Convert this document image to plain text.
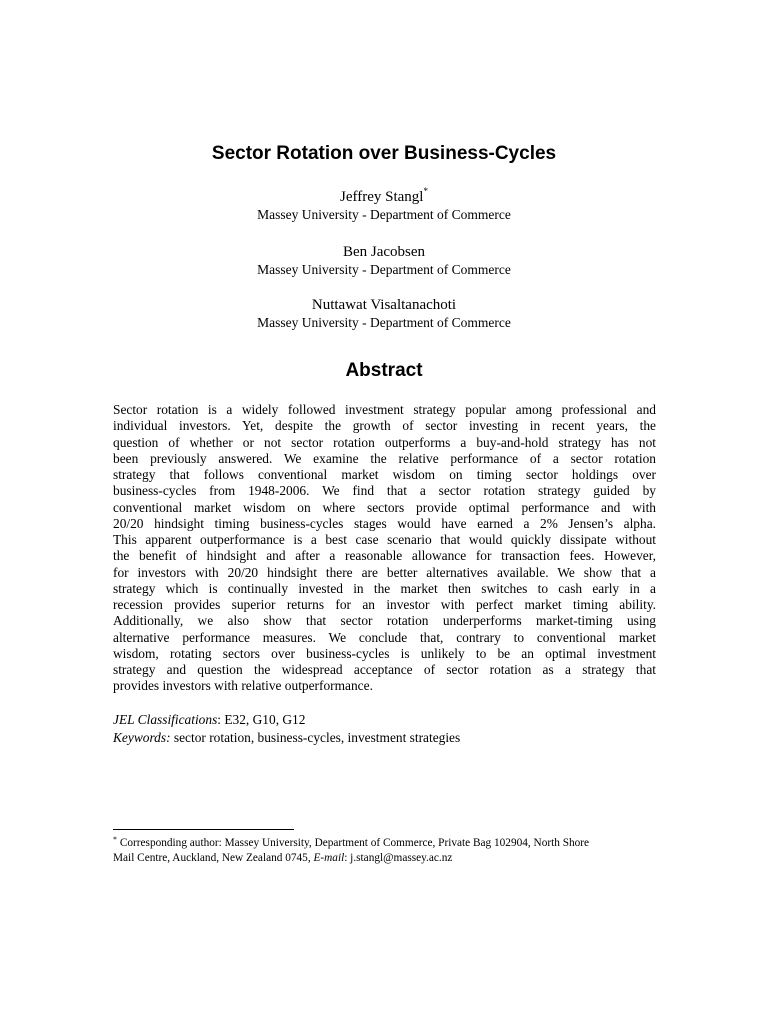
Sector Rotation over Business-Cycles
Jeffrey Stangl*
Massey University - Department of Commerce
Ben Jacobsen
Massey University - Department of Commerce
Nuttawat Visaltanachoti
Massey University - Department of Commerce
Abstract
Sector rotation is a widely followed investment strategy popular among professional and
individual investors. Yet, despite the growth of sector investing in recent years, the
question of whether or not sector rotation outperforms a buy-and-hold strategy has not
been previously answered. We examine the relative performance of a sector rotation
strategy that follows conventional market wisdom on timing sector holdings over
business-cycles from 1948-2006. We find that a sector rotation strategy guided by
conventional market wisdom on where sectors provide optimal performance and with
20/20 hindsight timing business-cycles stages would have earned a 2% Jensen’s alpha.
This apparent outperformance is a best case scenario that would quickly dissipate without
the benefit of hindsight and after a reasonable allowance for transaction fees. However,
for investors with 20/20 hindsight there are better alternatives available. We show that a
strategy which is continually invested in the market then switches to cash early in a
recession provides superior returns for an investor with perfect market timing ability.
Additionally, we also show that sector rotation underperforms market-timing using
alternative performance measures. We conclude that, contrary to conventional market
wisdom, rotating sectors over business-cycles is unlikely to be an optimal investment
strategy and question the widespread acceptance of sector rotation as a strategy that
provides investors with relative outperformance.
JEL Classifications: E32, G10, G12
Keywords: sector rotation, business-cycles, investment strategies
* Corresponding author: Massey University, Department of Commerce, Private Bag 102904, North Shore
Mail Centre, Auckland, New Zealand 0745, E-mail: j.stangl@massey.ac.nz
